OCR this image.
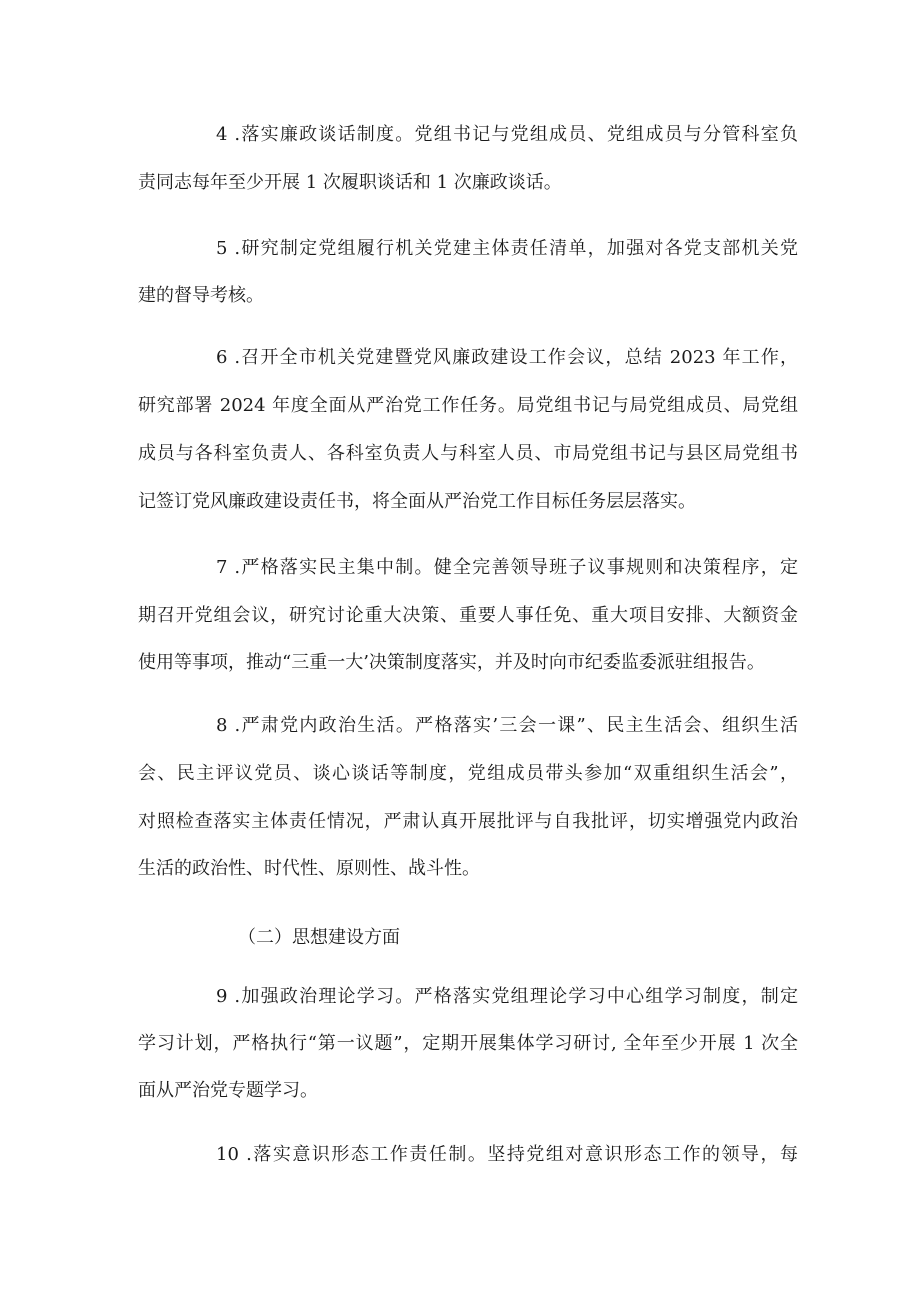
4 .落实廉政谈话制度。党组书记与党组成员、党组成员与分管科室负
责同志每年至少开展 1 次履职谈话和 1 次廉政谈话。
5 .研究制定党组履行机关党建主体责任清单，加强对各党支部机关党
建的督导考核。
6 .召开全市机关党建暨党风廉政建设工作会议，总结 2023 年工作，
研究部署 2024 年度全面从严治党工作任务。局党组书记与局党组成员、局党组
成员与各科室负责人、各科室负责人与科室人员、市局党组书记与县区局党组书
记签订党风廉政建设责任书，将全面从严治党工作目标任务层层落实。
7 .严格落实民主集中制。健全完善领导班子议事规则和决策程序，定
期召开党组会议，研究讨论重大决策、重要人事任免、重大项目安排、大额资金
使用等事项，推动“三重一大’决策制度落实，并及时向市纪委监委派驻组报告。
8 .严肃党内政治生活。严格落实’三会一课”、民主生活会、组织生活
会、民主评议党员、谈心谈话等制度，党组成员带头参加“双重组织生活会”，
对照检查落实主体责任情况，严肃认真开展批评与自我批评，切实增强党内政治
生活的政治性、时代性、原则性、战斗性。
（二）思想建设方面
9 .加强政治理论学习。严格落实党组理论学习中心组学习制度，制定
学习计划，严格执行“第一议题”，定期开展集体学习研讨, 全年至少开展 1 次全
面从严治党专题学习。
10 .落实意识形态工作责任制。坚持党组对意识形态工作的领导，每
